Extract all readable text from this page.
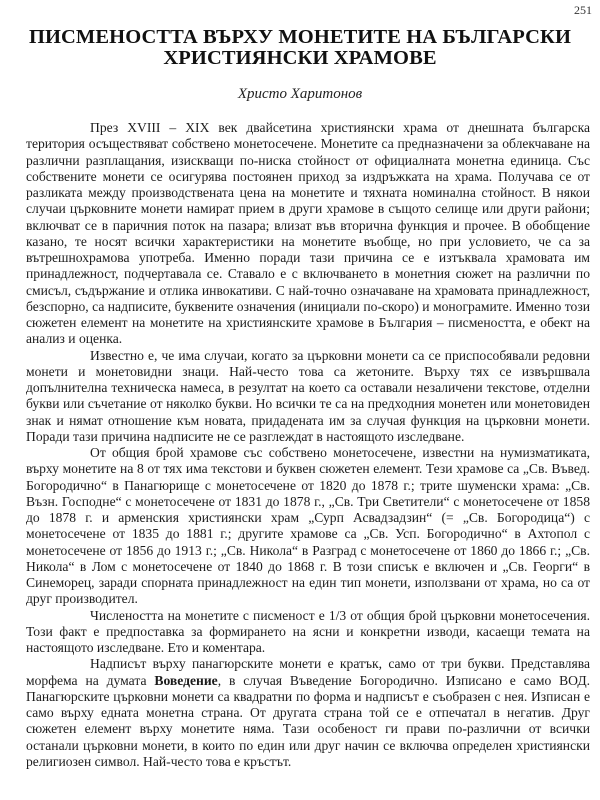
251
ПИСМЕНОСТТА ВЪРХУ МОНЕТИТЕ НА БЪЛГАРСКИ
ХРИСТИЯНСКИ ХРАМОВЕ
Христо Харитонов

През XVIII – XIX век двайсетина християнски храма от днешната българска територия осъществяват собствено монетосечене. Монетите са предназначени за облекчаване на различни разплащания, изискващи по-ниска стойност от официалната монетна единица. Със собствените монети се осигурява постоянен приход за издръжката на храма. Получава се от разликата между производствената цена на монетите и тяхната номинална стойност. В някои случаи църковните монети намират прием в други храмове в същото селище или други райони; включват се в паричния поток на пазара; влизат във вторична функция и прочее. В обобщение казано, те носят всички характеристики на монетите въобще, но при условието, че са за вътрешнохрамова употреба. Именно поради тази причина се е изтъквала храмовата им принадлежност, подчертавала се. Ставало е с включването в монетния сюжет на различни по смисъл, съдържание и отлика инвокативи. С най-точно означаване на храмовата принадлежност, безспорно, са надписите, буквените означения (инициали по-скоро) и монограмите. Именно този сюжетен елемент на монетите на християнските храмове в България – писмеността, е обект на анализ и оценка.

Известно е, че има случаи, когато за църковни монети са се приспособявали редовни монети и монетовидни знаци. Най-често това са жетоните. Върху тях се извършвала допълнителна техническа намеса, в резултат на което са оставали незаличени текстове, отделни букви или съчетание от няколко букви. Но всички те са на предходния монетен или монетовиден знак и нямат отношение към новата, придадената им за случая функция на църковни монети. Поради тази причина надписите не се разглеждат в настоящото изследване.

От общия брой храмове със собствено монетосечене, известни на нумизматиката, върху монетите на 8 от тях има текстови и буквен сюжетен елемент. Тези храмове са „Св. Въвед. Богородично“ в Панагюрище с монетосечене от 1820 до 1878 г.; трите шуменски храма: „Св. Възн. Господне“ с монетосечене от 1831 до 1878 г., „Св. Три Светители“ с монетосечене от 1858 до 1878 г. и арменския християнски храм „Сурп Асвадзадзин“ (= „Св. Богородица“) с монетосечене от 1835 до 1881 г.; другите храмове са „Св. Усп. Богородично“ в Ахтопол с монетосечене от 1856 до 1913 г.; „Св. Никола“ в Разград с монетосечене от 1860 до 1866 г.; „Св. Никола“ в Лом с монетосечене от 1840 до 1868 г. В този списък е включен и „Св. Георги“ в Синеморец, заради спорната принадлежност на един тип монети, използвани от храма, но са от друг производител.

Числеността на монетите с писменост е 1/3 от общия брой църковни монетосечения. Този факт е предпоставка за формирането на ясни и конкретни изводи, касаещи темата на настоящото изследване. Ето и коментара.

Надписът върху панагюрските монети е кратък, само от три букви. Представлява морфема на думата Воведение, в случая Въведение Богородично. Изписано е само ВОД. Панагюрските църковни монети са квадратни по форма и надписът е съобразен с нея. Изписан е само върху едната монетна страна. От другата страна той се е отпечатал в негатив. Друг сюжетен елемент върху монетите няма. Тази особеност ги прави по-различни от всички останали църковни монети, в които по един или друг начин се включва определен християнски религиозен символ. Най-често това е кръстът.
